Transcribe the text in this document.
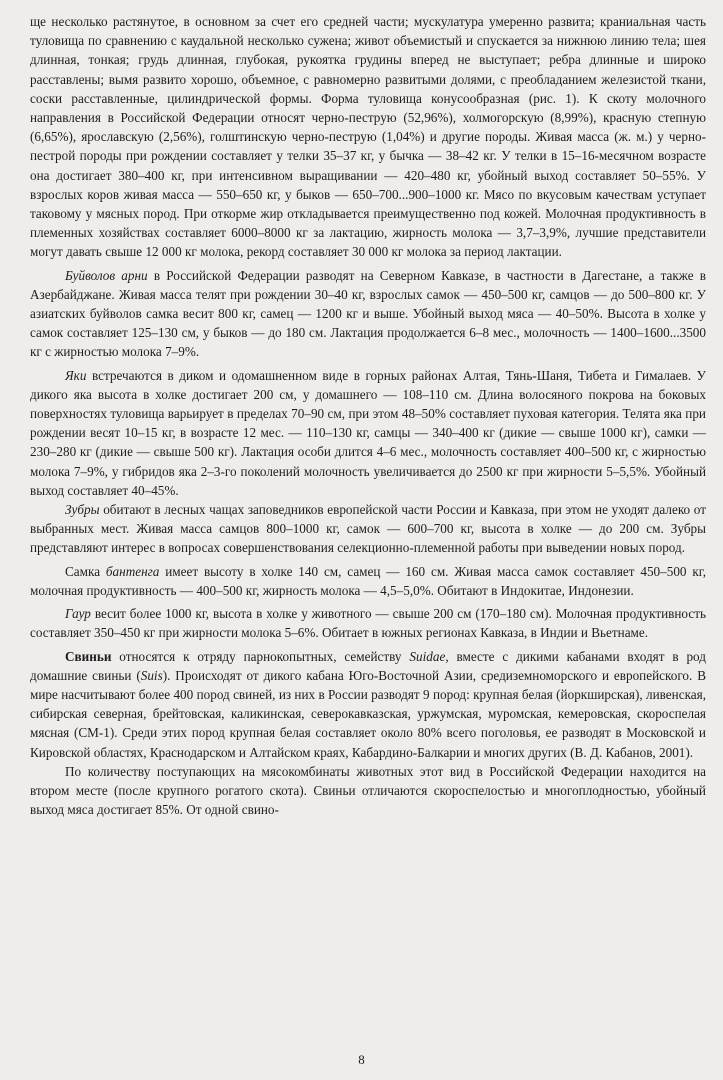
ще несколько растянутое, в основном за счет его средней части; мускулатура умеренно развита; краниальная часть туловища по сравнению с каудальной несколько сужена; живот объемистый и спускается за нижнюю линию тела; шея длинная, тонкая; грудь длинная, глубокая, рукоятка грудины вперед не выступает; ребра длинные и широко расставлены; вымя развито хорошо, объемное, с равномерно развитыми долями, с преобладанием железистой ткани, соски расставленные, цилиндрической формы. Форма туловища конусообразная (рис. 1). К скоту молочного направления в Российской Федерации относят черно-пеструю (52,96%), холмогорскую (8,99%), красную степную (6,65%), ярославскую (2,56%), голштинскую черно-пеструю (1,04%) и другие породы. Живая масса (ж. м.) у черно-пестрой породы при рождении составляет у телки 35–37 кг, у бычка — 38–42 кг. У телки в 15–16-месячном возрасте она достигает 380–400 кг, при интенсивном выращивании — 420–480 кг, убойный выход составляет 50–55%. У взрослых коров живая масса — 550–650 кг, у быков — 650–700...900–1000 кг. Мясо по вкусовым качествам уступает таковому у мясных пород. При откорме жир откладывается преимущественно под кожей. Молочная продуктивность в племенных хозяйствах составляет 6000–8000 кг за лактацию, жирность молока — 3,7–3,9%, лучшие представители могут давать свыше 12 000 кг молока, рекорд составляет 30 000 кг молока за период лактации.

Буйволов арни в Российской Федерации разводят на Северном Кавказе, в частности в Дагестане, а также в Азербайджане. Живая масса телят при рождении 30–40 кг, взрослых самок — 450–500 кг, самцов — до 500–800 кг. У азиатских буйволов самка весит 800 кг, самец — 1200 кг и выше. Убойный выход мяса — 40–50%. Высота в холке у самок составляет 125–130 см, у быков — до 180 см. Лактация продолжается 6–8 мес., молочность — 1400–1600...3500 кг с жирностью молока 7–9%.

Яки встречаются в диком и одомашненном виде в горных районах Алтая, Тянь-Шаня, Тибета и Гималаев. У дикого яка высота в холке достигает 200 см, у домашнего — 108–110 см. Длина волосяного покрова на боковых поверхностях туловища варьирует в пределах 70–90 см, при этом 48–50% составляет пуховая категория. Телята яка при рождении весят 10–15 кг, в возрасте 12 мес. — 110–130 кг, самцы — 340–400 кг (дикие — свыше 1000 кг), самки — 230–280 кг (дикие — свыше 500 кг). Лактация особи длится 4–6 мес., молочность составляет 400–500 кг, с жирностью молока 7–9%, у гибридов яка 2–3-го поколений молочность увеличивается до 2500 кг при жирности 5–5,5%. Убойный выход составляет 40–45%.

Зубры обитают в лесных чащах заповедников европейской части России и Кавказа, при этом не уходят далеко от выбранных мест. Живая масса самцов 800–1000 кг, самок — 600–700 кг, высота в холке — до 200 см. Зубры представляют интерес в вопросах совершенствования селекционно-племенной работы при выведении новых пород.

Самка бантенга имеет высоту в холке 140 см, самец — 160 см. Живая масса самок составляет 450–500 кг, молочная продуктивность — 400–500 кг, жирность молока — 4,5–5,0%. Обитают в Индокитае, Индонезии.

Гаур весит более 1000 кг, высота в холке у животного — свыше 200 см (170–180 см). Молочная продуктивность составляет 350–450 кг при жирности молока 5–6%. Обитает в южных регионах Кавказа, в Индии и Вьетнаме.

Свиньи относятся к отряду парнокопытных, семейству Suidae, вместе с дикими кабанами входят в род домашние свиньи (Suis). Происходят от дикого кабана Юго-Восточной Азии, средиземноморского и европейского. В мире насчитывают более 400 пород свиней, из них в России разводят 9 пород: крупная белая (йоркширская), ливенская, сибирская северная, брейтовская, каликинская, северокавказская, уржумская, муромская, кемеровская, скороспелая мясная (СМ-1). Среди этих пород крупная белая составляет около 80% всего поголовья, ее разводят в Московской и Кировской областях, Краснодарском и Алтайском краях, Кабардино-Балкарии и многих других (В. Д. Кабанов, 2001).

По количеству поступающих на мясокомбинаты животных этот вид в Российской Федерации находится на втором месте (после крупного рогатого скота). Свиньи отличаются скороспелостью и многоплодностью, убойный выход мяса достигает 85%. От одной свино-

8
